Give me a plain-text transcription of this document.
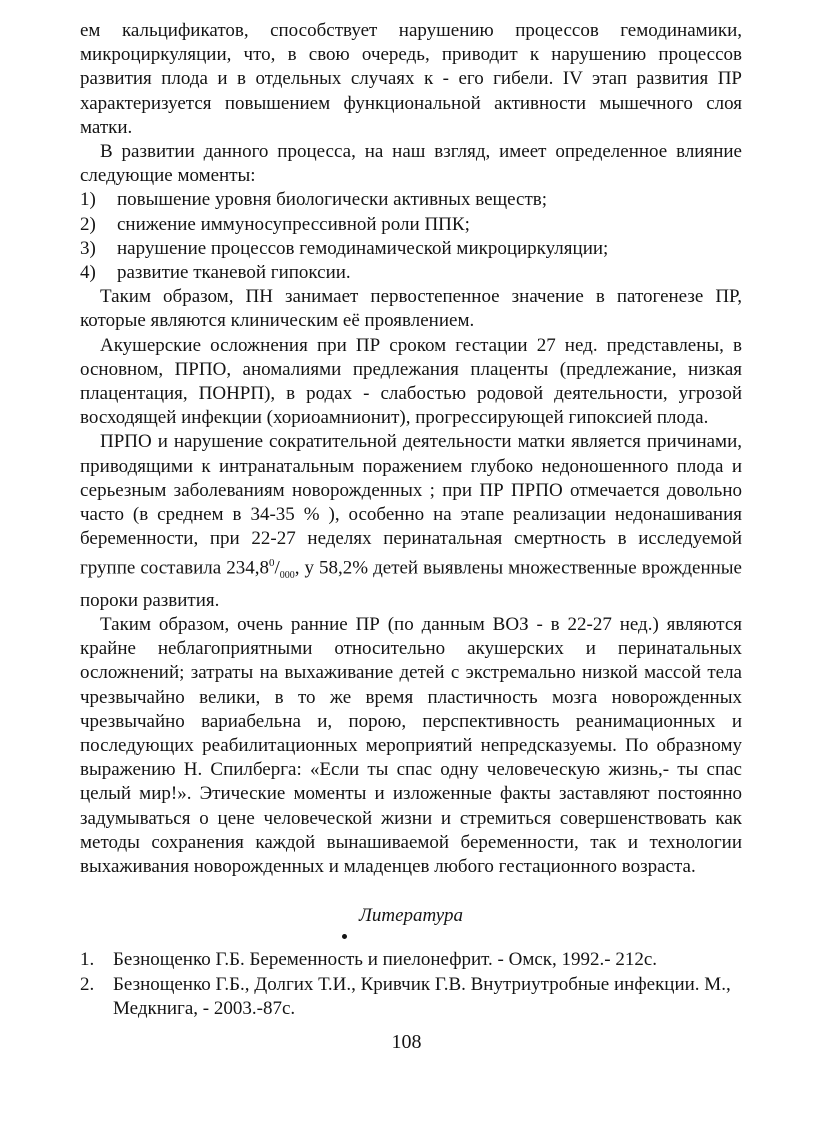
ем кальцификатов, способствует нарушению процессов гемодинамики, микроциркуляции, что, в свою очередь, приводит к нарушению процессов развития плода и в отдельных случаях к - его гибели. IV этап развития ПР характеризуется повышением функциональной активности мышечного слоя матки.

В развитии данного процесса, на наш взгляд, имеет определенное влияние следующие моменты:

1)	повышение уровня биологически активных веществ;
2)	снижение иммуносупрессивной роли ППК;
3)	нарушение процессов гемодинамической микроциркуляции;
4)	развитие тканевой гипоксии.

Таким образом, ПН занимает первостепенное значение в патогенезе ПР, которые являются клиническим её проявлением.

Акушерские осложнения при ПР сроком гестации 27 нед. представлены, в основном, ПРПО, аномалиями предлежания плаценты (предлежание, низкая плацентация, ПОНРП), в родах - слабостью родовой деятельности, угрозой восходящей инфекции (хориоамнионит), прогрессирующей гипоксией плода.

ПРПО и нарушение сократительной деятельности матки является причинами, приводящими к интранатальным поражением глубоко недоношенного плода и серьезным заболеваниям новорожденных ; при ПР ПРПО отмечается довольно часто (в среднем в 34-35 % ), особенно на этапе реализации недонашивания беременности, при 22-27 неделях перинатальная смертность в исследуемой группе составила $234,8^0/_{000}$, у 58,2% детей выявлены множественные врожденные пороки развития.

Таким образом, очень ранние ПР (по данным ВОЗ - в 22-27 нед.) являются крайне неблагоприятными относительно акушерских и перинатальных осложнений; затраты на выхаживание детей с экстремально низкой массой тела чрезвычайно велики, в то же время пластичность мозга новорожденных чрезвычайно вариабельна и, порою, перспективность реанимационных и последующих реабилитационных мероприятий непредсказуемы. По образному выражению Н. Спилберга: «Если ты спас одну человеческую жизнь,- ты спас целый мир!». Этические моменты и изложенные факты заставляют постоянно задумываться о цене человеческой жизни и стремиться совершенствовать как методы сохранения каждой вынашиваемой беременности, так и технологии выхаживания новорожденных и младенцев любого гестационного возраста.

Литература
1. Безнощенко Г.Б. Беременность и пиелонефрит. - Омск, 1992.- 212с.
2. Безнощенко Г.Б., Долгих Т.И., Кривчик Г.В. Внутриутробные инфекции. М., Медкнига, - 2003.-87с.
108
